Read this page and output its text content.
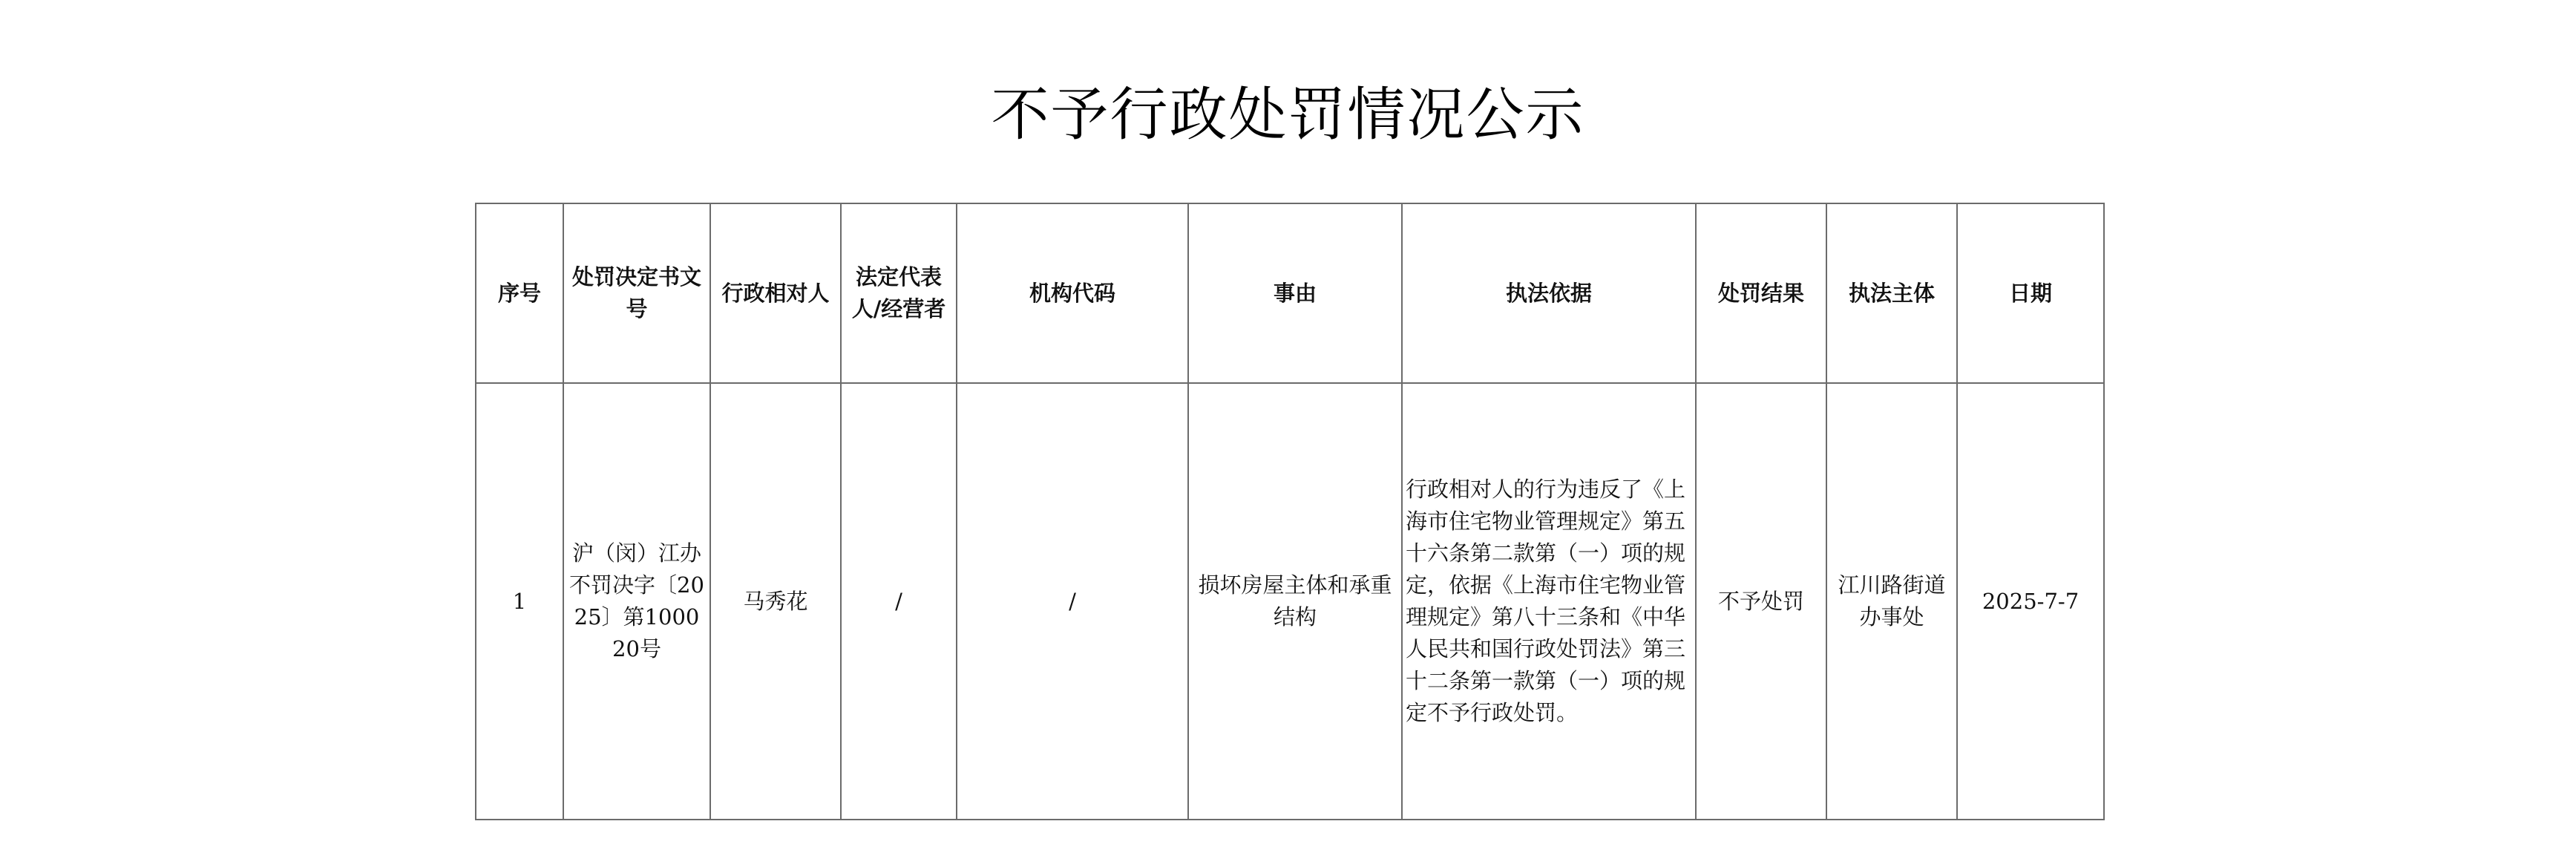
不予行政处罚情况公示
序号	处罚决定书文号	行政相对人	法定代表人/经营者	机构代码	事由	执法依据	处罚结果	执法主体	日期
1	沪（闵）江办不罚决字〔2025〕第100020号	马秀花	/	/	损坏房屋主体和承重结构	行政相对人的行为违反了《上海市住宅物业管理规定》第五十六条第二款第（一）项的规定，依据《上海市住宅物业管理规定》第八十三条和《中华人民共和国行政处罚法》第三十二条第一款第（一）项的规定不予行政处罚。	不予处罚	江川路街道办事处	2025-7-7
